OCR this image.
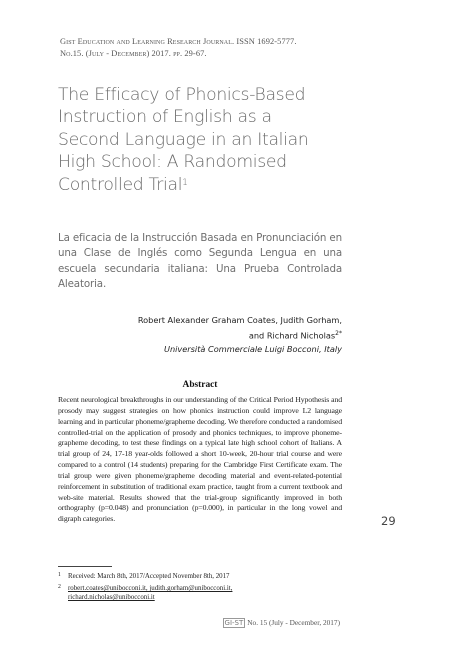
Gist Education and Learning Research Journal. ISSN 1692-5777.
No.15. (July - December) 2017. pp. 29-67.
The Efficacy of Phonics-Based
Instruction of English as a
Second Language in an Italian
High School: A Randomised
Controlled Trial$^1$
La eficacia de la Instrucción Basada en Pronunciación en una Clase de Inglés como Segunda Lengua en una escuela secundaria italiana: Una Prueba Controlada Aleatoria.
Robert Alexander Graham Coates, Judith Gorham,
and Richard Nicholas$^{2*}$
Università Commerciale Luigi Bocconi, Italy
Abstract
Recent neurological breakthroughs in our understanding of the Critical Period Hypothesis and prosody may suggest strategies on how phonics instruction could improve L2 language learning and in particular phoneme/grapheme decoding. We therefore conducted a randomised controlled-trial on the application of prosody and phonics techniques, to improve phoneme-grapheme decoding, to test these findings on a typical late high school cohort of Italians. A trial group of 24, 17-18 year-olds followed a short 10-week, 20-hour trial course and were compared to a control (14 students) preparing for the Cambridge First Certificate exam. The trial group were given phoneme/grapheme decoding material and event-related-potential reinforcement in substitution of traditional exam practice, taught from a current textbook and web-site material. Results showed that the trial-group significantly improved in both orthography (p=0.048) and pronunciation (p=0.000), in particular in the long vowel and digraph categories.	29
1	Received: March 8th, 2017/Accepted November 8th, 2017
2	robert.coates@unibocconi.it, judith.gorham@unibocconi.it,
richard.nicholas@unibocconi.it
GI-ST No. 15 (July - December, 2017)
